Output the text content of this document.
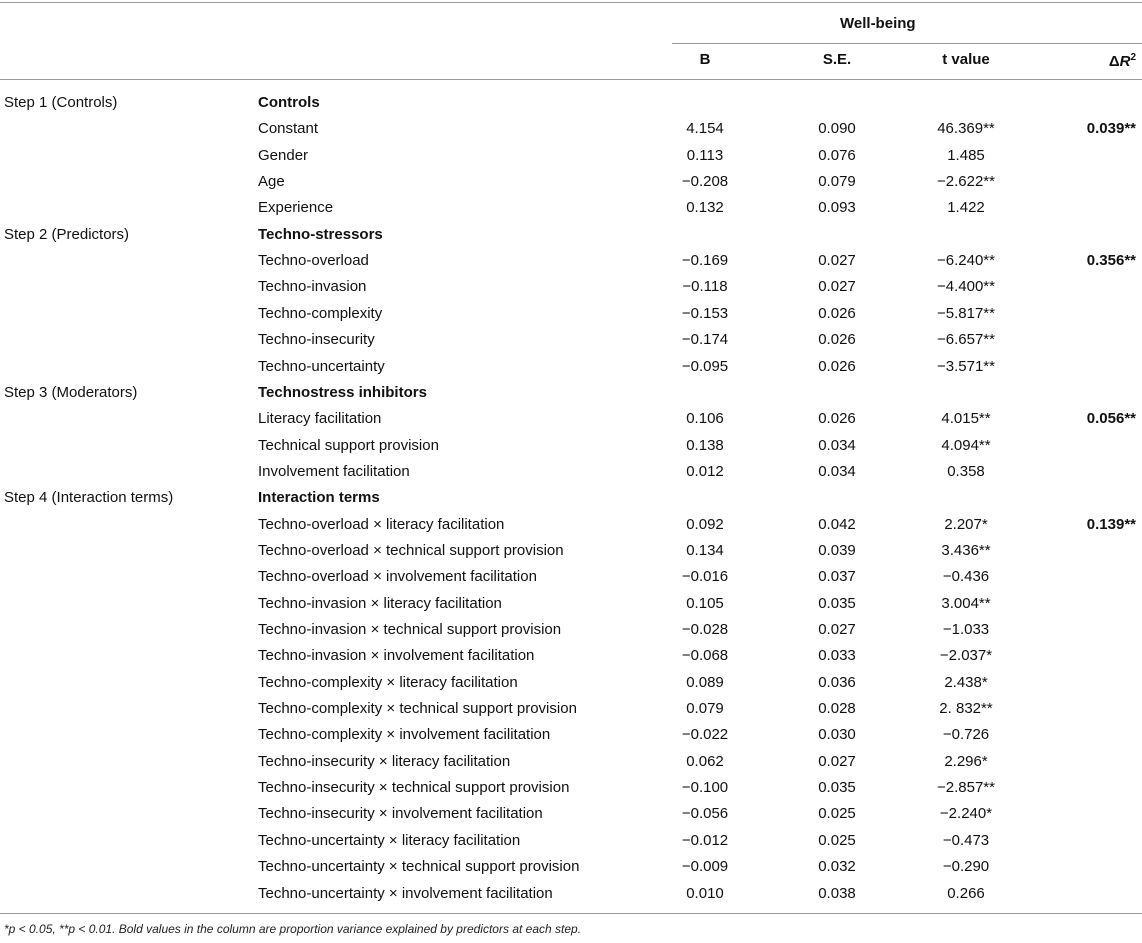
Well-being
B	S.E.	t value	$\Delta R^2$
Step 1 (Controls)	Controls
Constant	4.154	0.090	46.369**	0.039**
Gender	0.113	0.076	1.485
Age	−0.208	0.079	−2.622**
Experience	0.132	0.093	1.422
Step 2 (Predictors)	Techno-stressors
Techno-overload	−0.169	0.027	−6.240**	0.356**
Techno-invasion	−0.118	0.027	−4.400**
Techno-complexity	−0.153	0.026	−5.817**
Techno-insecurity	−0.174	0.026	−6.657**
Techno-uncertainty	−0.095	0.026	−3.571**
Step 3 (Moderators)	Technostress inhibitors
Literacy facilitation	0.106	0.026	4.015**	0.056**
Technical support provision	0.138	0.034	4.094**
Involvement facilitation	0.012	0.034	0.358
Step 4 (Interaction terms)	Interaction terms
Techno-overload × literacy facilitation	0.092	0.042	2.207*	0.139**
Techno-overload × technical support provision	0.134	0.039	3.436**
Techno-overload × involvement facilitation	−0.016	0.037	−0.436
Techno-invasion × literacy facilitation	0.105	0.035	3.004**
Techno-invasion × technical support provision	−0.028	0.027	−1.033
Techno-invasion × involvement facilitation	−0.068	0.033	−2.037*
Techno-complexity × literacy facilitation	0.089	0.036	2.438*
Techno-complexity × technical support provision	0.079	0.028	2. 832**
Techno-complexity × involvement facilitation	−0.022	0.030	−0.726
Techno-insecurity × literacy facilitation	0.062	0.027	2.296*
Techno-insecurity × technical support provision	−0.100	0.035	−2.857**
Techno-insecurity × involvement facilitation	−0.056	0.025	−2.240*
Techno-uncertainty × literacy facilitation	−0.012	0.025	−0.473
Techno-uncertainty × technical support provision	−0.009	0.032	−0.290
Techno-uncertainty × involvement facilitation	0.010	0.038	0.266
*p < 0.05, **p < 0.01. Bold values in the column are proportion variance explained by predictors at each step.
